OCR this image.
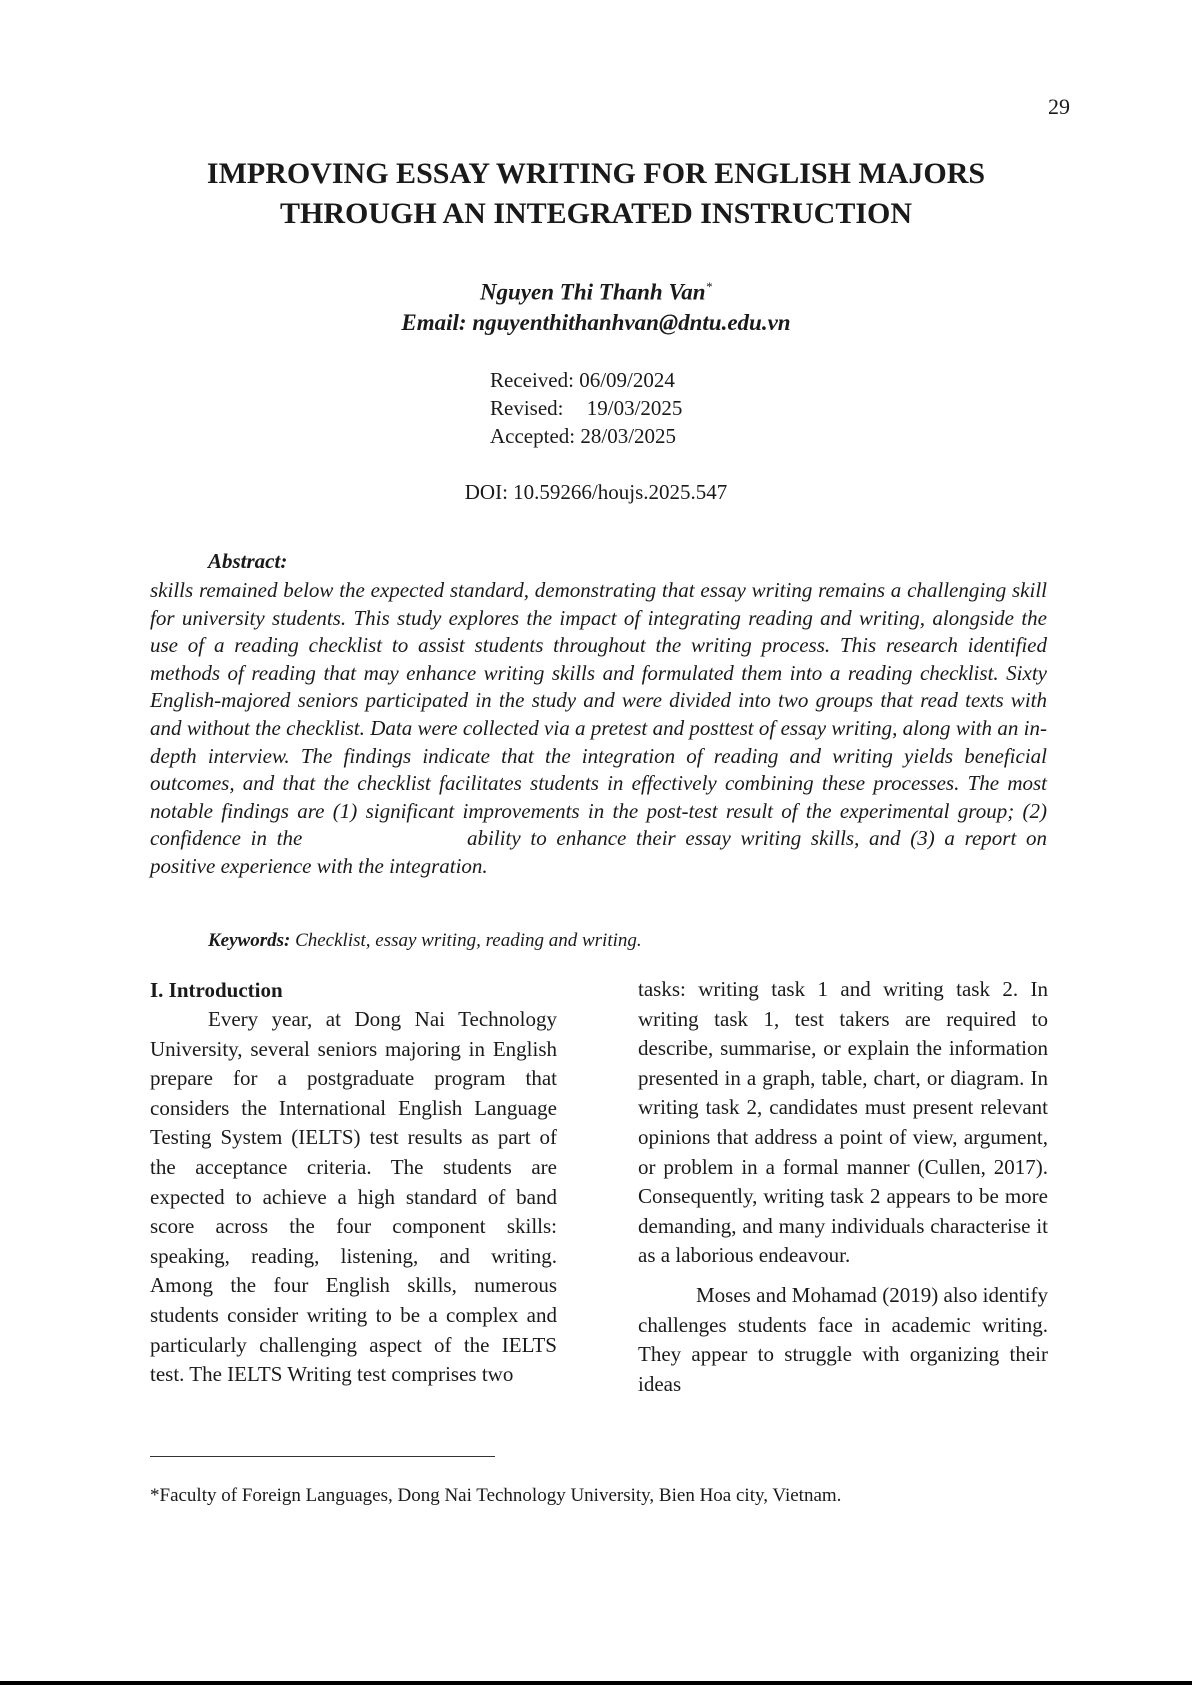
29
IMPROVING ESSAY WRITING FOR ENGLISH MAJORS
THROUGH AN INTEGRATED INSTRUCTION
Nguyen Thi Thanh Van*
Email: nguyenthithanhvan@dntu.edu.vn
Received: 06/09/2024
Revised: 19/03/2025
Accepted: 28/03/2025
DOI: 10.59266/houjs.2025.547
Abstract:

skills remained below the expected standard, demonstrating that essay writing remains a challenging skill for university students. This study explores the impact of integrating reading and writing, alongside the use of a reading checklist to assist students throughout the writing process. This research identified methods of reading that may enhance writing skills and formulated them into a reading checklist. Sixty English-majored seniors participated in the study and were divided into two groups that read texts with and without the checklist. Data were collected via a pretest and posttest of essay writing, along with an in-depth interview. The findings indicate that the integration of reading and writing yields beneficial outcomes, and that the checklist facilitates students in effectively combining these processes. The most notable findings are (1) significant improvements in the post-test result of the experimental group; (2)             confidence in the                 ability to enhance their essay writing skills, and (3) a report on             positive experience with the integration.

Keywords: Checklist, essay writing, reading and writing.

I. Introduction

Every year, at Dong Nai Technology University, several seniors majoring in English prepare for a postgraduate program that considers the International English Language Testing System (IELTS) test results as part of the acceptance criteria. The students are expected to achieve a high standard of band score across the four component skills: speaking, reading, listening, and writing. Among the four English skills, numerous students consider writing to be a complex and particularly challenging aspect of the IELTS test. The IELTS Writing test comprises two

tasks: writing task 1 and writing task 2. In writing task 1, test takers are required to describe, summarise, or explain the information presented in a graph, table, chart, or diagram. In writing task 2, candidates must present relevant opinions that address a point of view, argument, or problem in a formal manner (Cullen, 2017). Consequently, writing task 2 appears to be more demanding, and many individuals characterise it as a laborious endeavour.

Moses and Mohamad (2019) also identify challenges students face in academic writing. They appear to struggle with organizing their ideas

*Faculty of Foreign Languages, Dong Nai Technology University, Bien Hoa city, Vietnam.
